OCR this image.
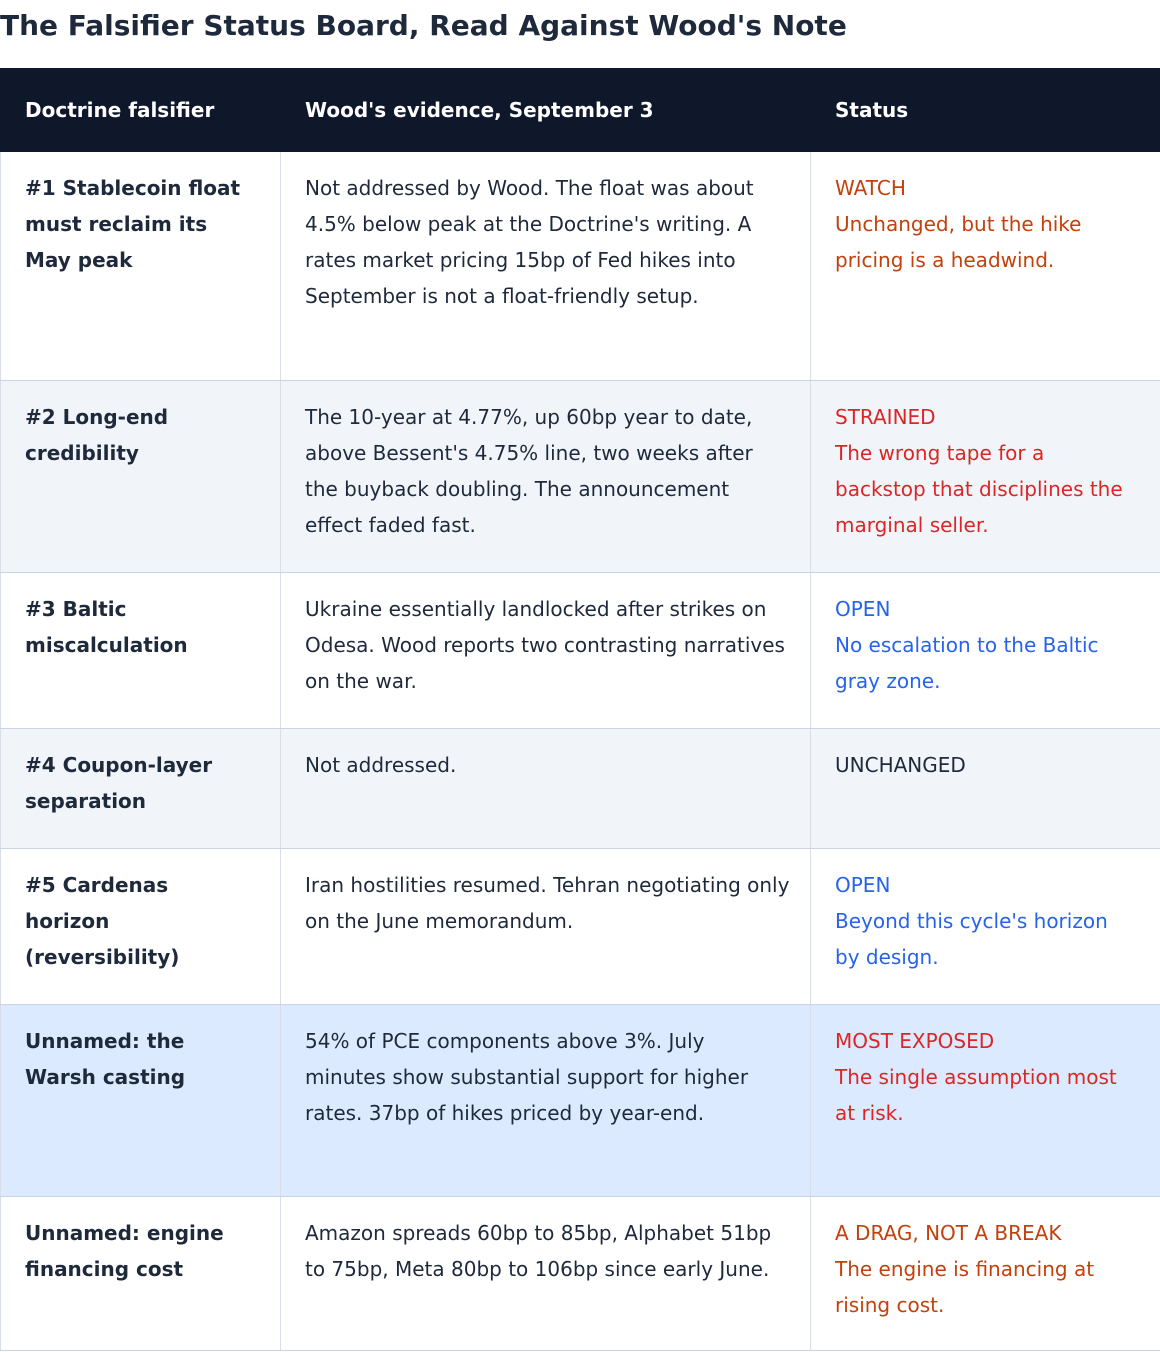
The Falsifier Status Board, Read Against Wood's Note
Doctrine falsifier	Wood's evidence, September 3	Status
#1 Stablecoin float must reclaim its May peak	Not addressed by Wood. The float was about 4.5% below peak at the Doctrine's writing. A rates market pricing 15bp of Fed hikes into September is not a float-friendly setup.	WATCH
Unchanged, but the hike pricing is a headwind.

#2 Long-end credibility	The 10-year at 4.77%, up 60bp year to date, above Bessent's 4.75% line, two weeks after the buyback doubling. The announcement effect faded fast.	STRAINED
The wrong tape for a backstop that disciplines the marginal seller.

#3 Baltic miscalculation	Ukraine essentially landlocked after strikes on Odesa. Wood reports two contrasting narratives on the war.	OPEN
No escalation to the Baltic gray zone.

#4 Coupon-layer separation	Not addressed.	UNCHANGED

#5 Cardenas horizon (reversibility)	Iran hostilities resumed. Tehran negotiating only on the June memorandum.	OPEN
Beyond this cycle's horizon by design.

Unnamed: the Warsh casting	54% of PCE components above 3%. July minutes show substantial support for higher rates. 37bp of hikes priced by year-end.	MOST EXPOSED
The single assumption most at risk.

Unnamed: engine financing cost	Amazon spreads 60bp to 85bp, Alphabet 51bp to 75bp, Meta 80bp to 106bp since early June.	A DRAG, NOT A BREAK
The engine is financing at rising cost.
